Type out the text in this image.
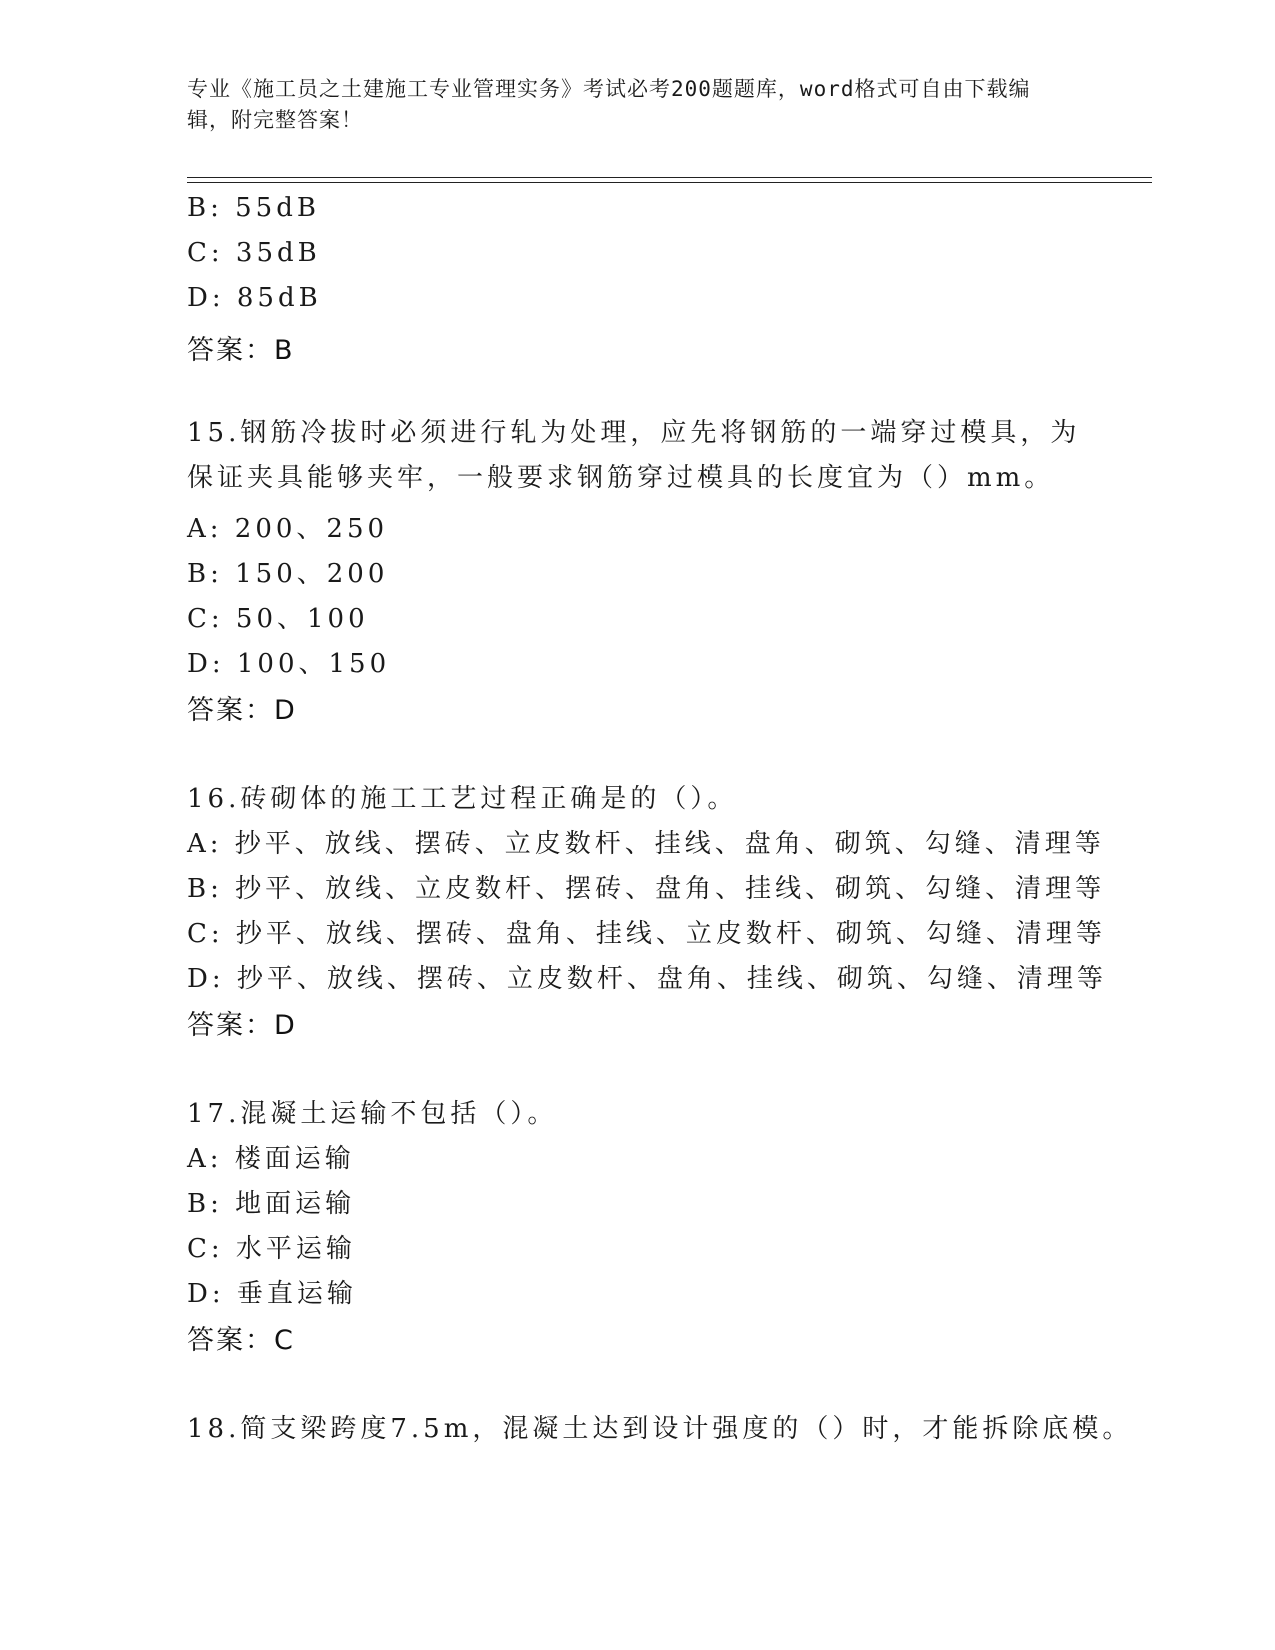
专业《施工员之土建施工专业管理实务》考试必考200题题库，word格式可自由下载编辑，附完整答案！
B: 55dB
C: 35dB
D: 85dB
答案：B
15.钢筋冷拔时必须进行轧为处理，应先将钢筋的一端穿过模具，为保证夹具能够夹牢，一般要求钢筋穿过模具的长度宜为（）mm。
A: 200、250
B: 150、200
C: 50、100
D: 100、150
答案：D
16.砖砌体的施工工艺过程正确是的（）。
A: 抄平、放线、摆砖、立皮数杆、挂线、盘角、砌筑、勾缝、清理等
B: 抄平、放线、立皮数杆、摆砖、盘角、挂线、砌筑、勾缝、清理等
C: 抄平、放线、摆砖、盘角、挂线、立皮数杆、砌筑、勾缝、清理等
D: 抄平、放线、摆砖、立皮数杆、盘角、挂线、砌筑、勾缝、清理等
答案：D
17.混凝土运输不包括（）。
A: 楼面运输
B: 地面运输
C: 水平运输
D: 垂直运输
答案：C
18.简支梁跨度7.5m，混凝土达到设计强度的（）时，才能拆除底模。
